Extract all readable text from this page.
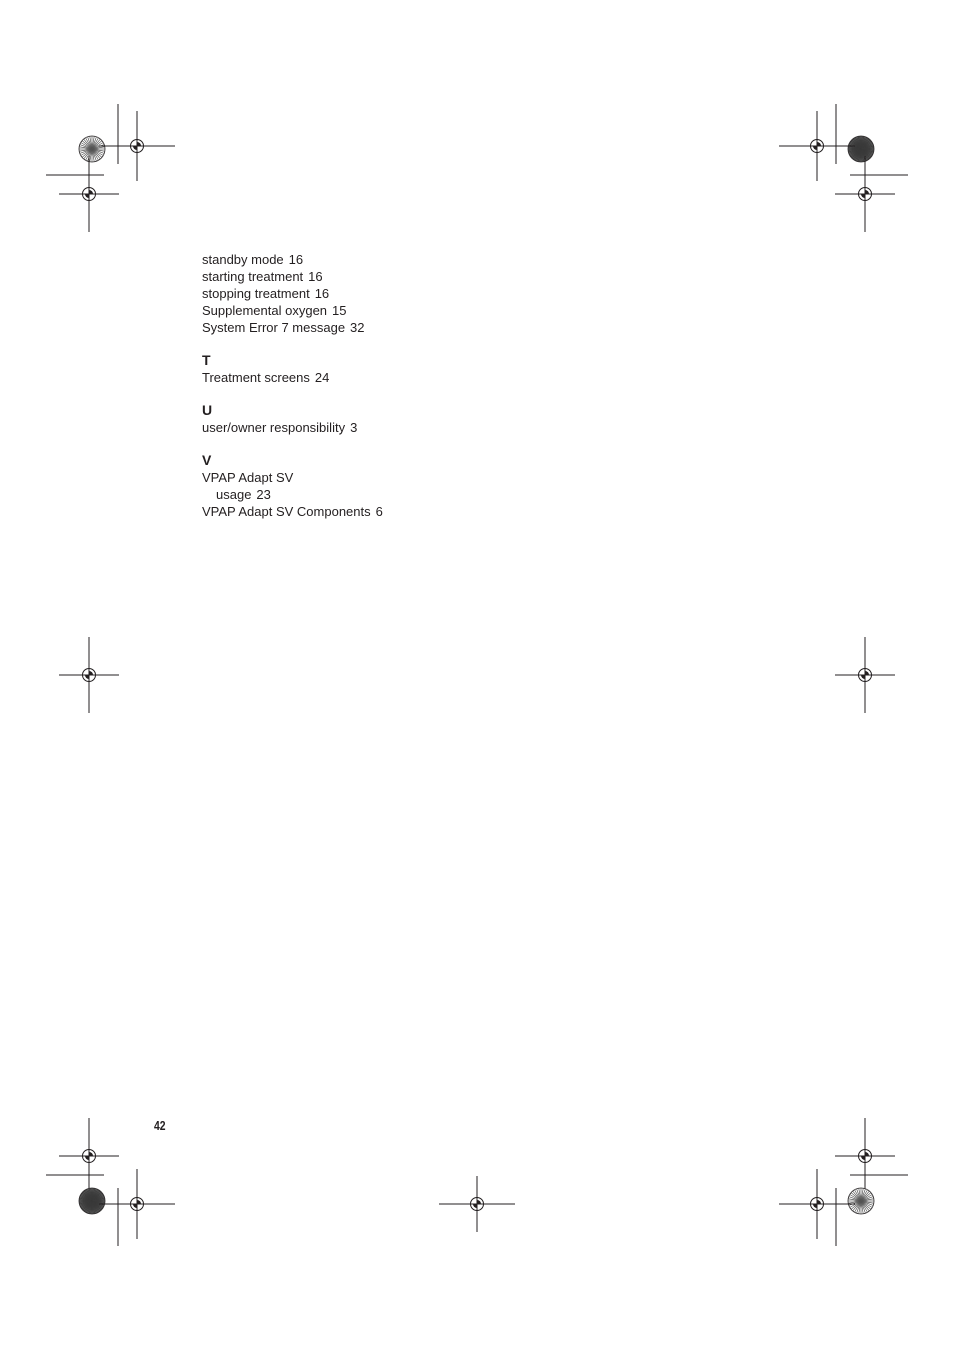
standby mode 16
starting treatment 16
stopping treatment 16
Supplemental oxygen 15
System Error 7 message 32
T
Treatment screens 24
U
user/owner responsibility 3
V
VPAP Adapt SV
usage 23
VPAP Adapt SV Components 6
42
